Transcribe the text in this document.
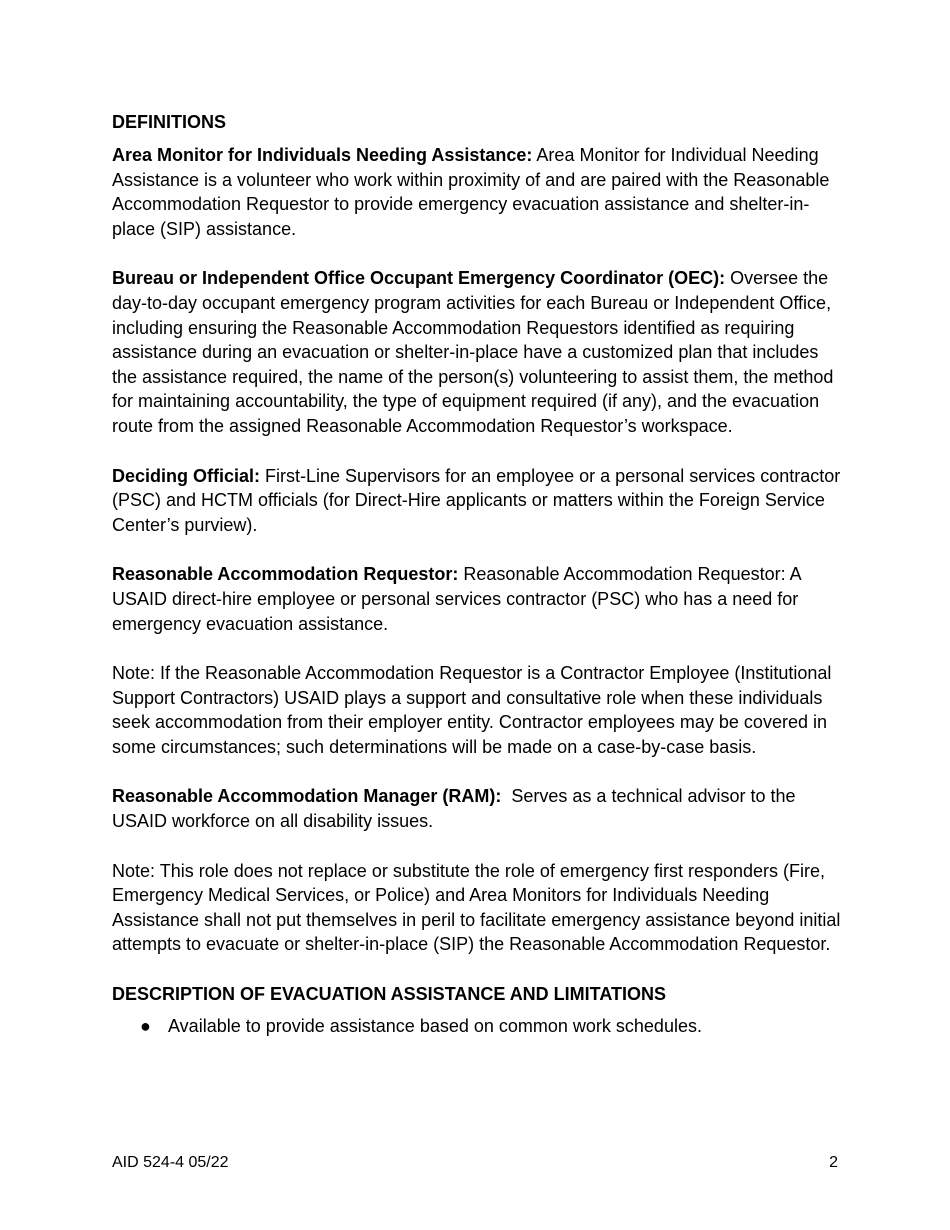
DEFINITIONS

Area Monitor for Individuals Needing Assistance: Area Monitor for Individual Needing Assistance is a volunteer who work within proximity of and are paired with the Reasonable Accommodation Requestor to provide emergency evacuation assistance and shelter-in-place (SIP) assistance.

Bureau or Independent Office Occupant Emergency Coordinator (OEC): Oversee the day-to-day occupant emergency program activities for each Bureau or Independent Office, including ensuring the Reasonable Accommodation Requestors identified as requiring assistance during an evacuation or shelter-in-place have a customized plan that includes the assistance required, the name of the person(s) volunteering to assist them, the method for maintaining accountability, the type of equipment required (if any), and the evacuation route from the assigned Reasonable Accommodation Requestor’s workspace.

Deciding Official: First-Line Supervisors for an employee or a personal services contractor (PSC) and HCTM officials (for Direct-Hire applicants or matters within the Foreign Service Center’s purview).

Reasonable Accommodation Requestor: Reasonable Accommodation Requestor: A USAID direct-hire employee or personal services contractor (PSC) who has a need for emergency evacuation assistance.

Note: If the Reasonable Accommodation Requestor is a Contractor Employee (Institutional Support Contractors) USAID plays a support and consultative role when these individuals seek accommodation from their employer entity. Contractor employees may be covered in some circumstances; such determinations will be made on a case-by-case basis.

Reasonable Accommodation Manager (RAM):  Serves as a technical advisor to the USAID workforce on all disability issues.

Note: This role does not replace or substitute the role of emergency first responders (Fire, Emergency Medical Services, or Police) and Area Monitors for Individuals Needing Assistance shall not put themselves in peril to facilitate emergency assistance beyond initial attempts to evacuate or shelter-in-place (SIP) the Reasonable Accommodation Requestor.

DESCRIPTION OF EVACUATION ASSISTANCE AND LIMITATIONS
● Available to provide assistance based on common work schedules.
AID 524-4 05/22	2
